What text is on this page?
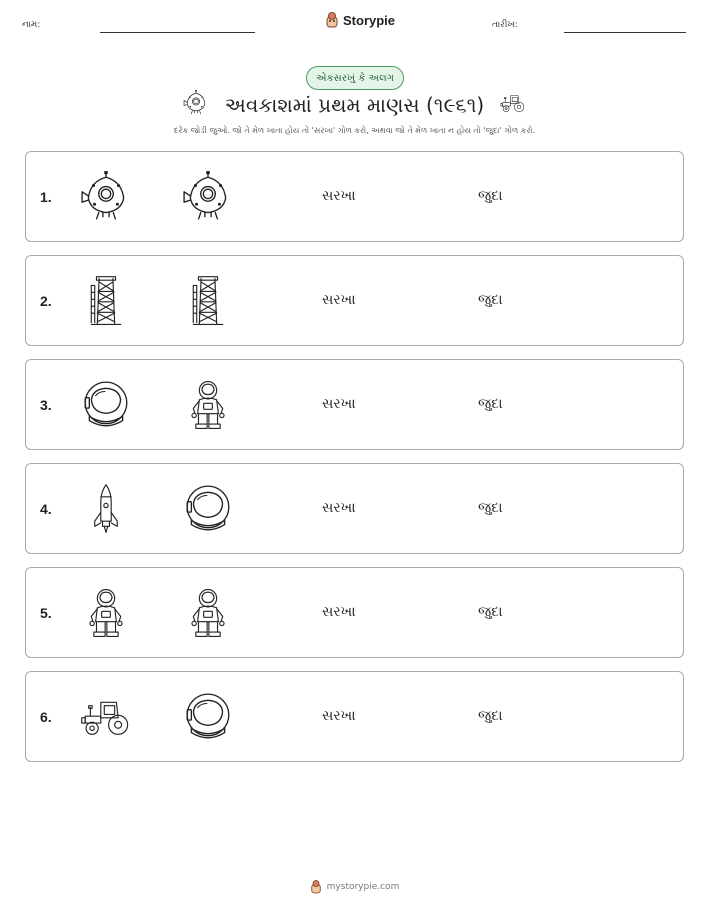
નામ:	Storypie	તારીખ:
એકસરખું કે અલગ
અવકાશમાં પ્રથમ માણસ (૧૯૬૧)
દરેક જોડી જુઓ. જો તે મેળ ખાતા હોય તો 'સરખા' ગોળ કરો, અથવા જો તે મેળ ખાતા ન હોય તો 'જુદા' ગોળ કરો.
1.	સરખા	જુદા
2.	સરખા	જુદા
3.	સરખા	જુદા
4.	સરખા	જુદા
5.	સરખા	જુદા
6.	સરખા	જુદા
mystorypie.com
